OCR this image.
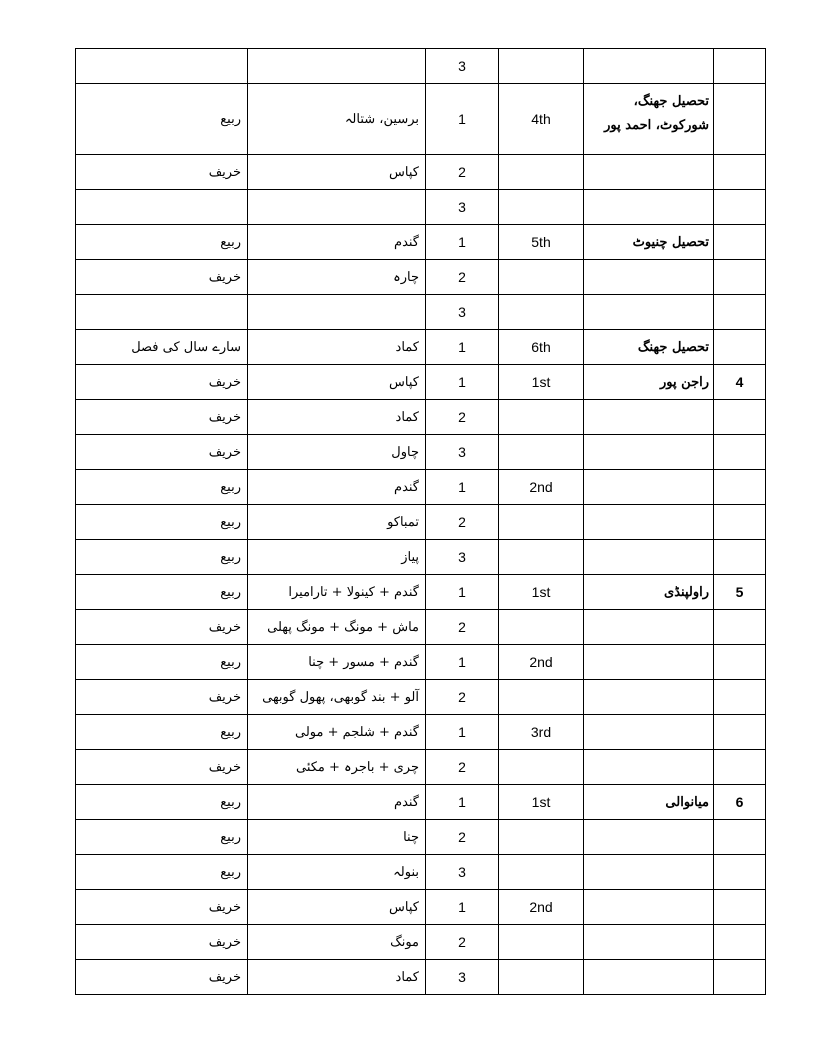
		3			
ربیع	برسین، شتالہ	1	4th	تحصیل جھنگ، شورکوٹ، احمد پور	
خریف	کپاس	2			
		3			
ربیع	گندم	1	5th	تحصیل چنیوٹ	
خریف	چارہ	2			
		3			
سارے سال کی فصل	کماد	1	6th	تحصیل جھنگ	
خریف	کپاس	1	1st	راجن پور	4
خریف	کماد	2			
خریف	چاول	3			
ربیع	گندم	1	2nd		
ربیع	تمباکو	2			
ربیع	پیاز	3			
ربیع	گندم + کینولا + تارامیرا	1	1st	راولپنڈی	5
خریف	ماش + مونگ + مونگ پھلی	2			
ربیع	گندم + مسور + چنا	1	2nd		
خریف	آلو + بند گوبھی، پھول گوبھی	2			
ربیع	گندم + شلجم + مولی	1	3rd		
خریف	چری + باجرہ + مکئی	2			
ربیع	گندم	1	1st	میانوالی	6
ربیع	چنا	2			
ربیع	بنولہ	3			
خریف	کپاس	1	2nd		
خریف	مونگ	2			
خریف	کماد	3			
